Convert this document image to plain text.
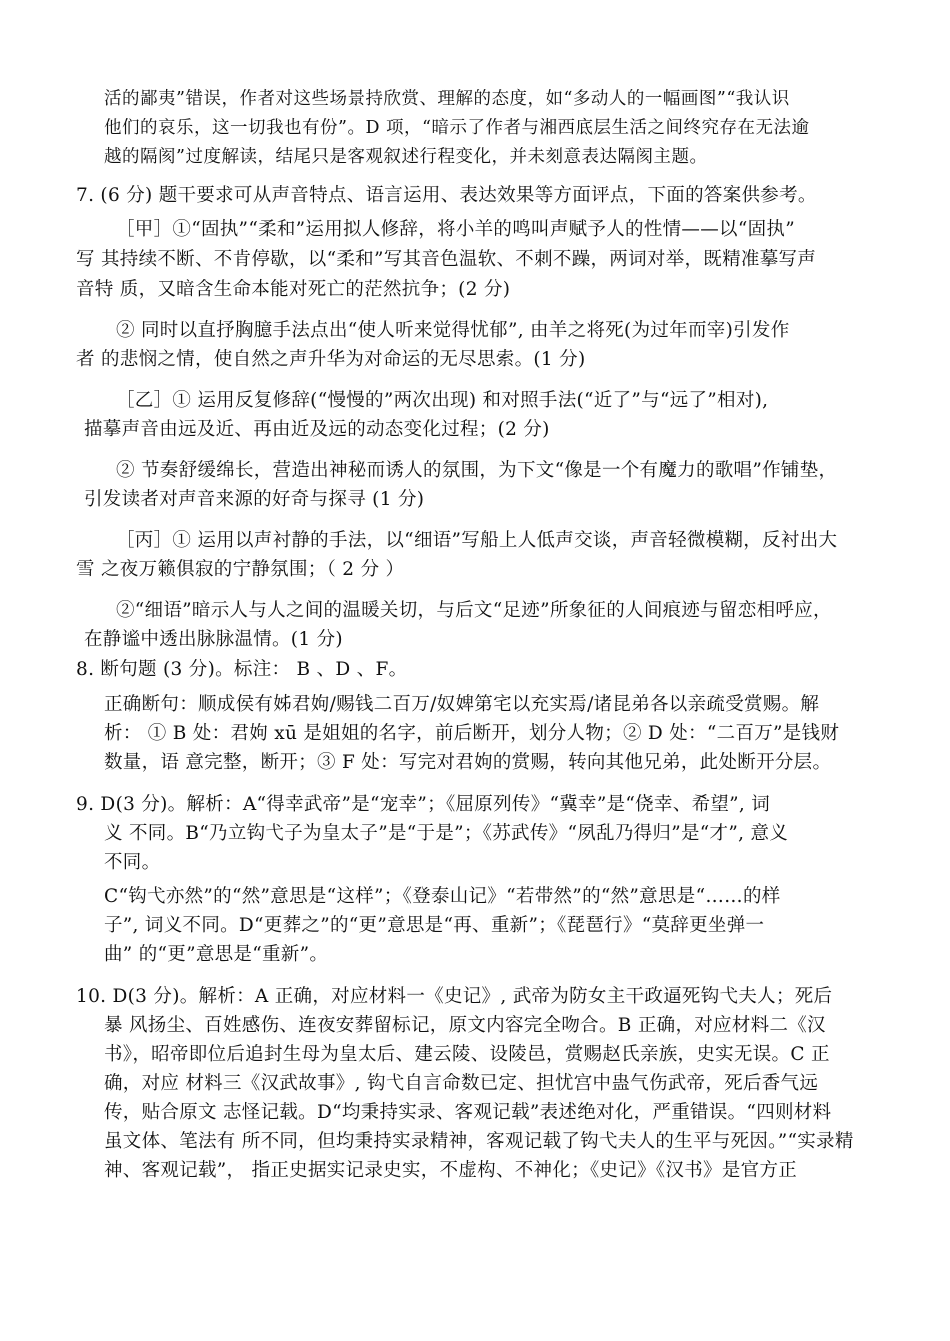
活的鄙夷”错误，作者对这些场景持欣赏、理解的态度，如“多动人的一幅画图”“我认识
他们的哀乐，这一切我也有份”。D 项，“暗示了作者与湘西底层生活之间终究存在无法逾
越的隔阂”过度解读，结尾只是客观叙述行程变化，并未刻意表达隔阂主题。
7. (6 分) 题干要求可从声音特点、语言运用、表达效果等方面评点，下面的答案供参考。
［甲］①“固执”“柔和”运用拟人修辞，将小羊的鸣叫声赋予人的性情——以“固执”
写 其持续不断、不肯停歇，以“柔和”写其音色温软、不刺不躁，两词对举，既精准摹写声
音特 质，又暗含生命本能对死亡的茫然抗争；(2 分)
② 同时以直抒胸臆手法点出“使人听来觉得忧郁”, 由羊之将死(为过年而宰)引发作
者 的悲悯之情，使自然之声升华为对命运的无尽思索。(1 分)
［乙］① 运用反复修辞(“慢慢的”两次出现) 和对照手法(“近了”与“远了”相对),
描摹声音由远及近、再由近及远的动态变化过程；(2 分)
② 节奏舒缓绵长，营造出神秘而诱人的氛围，为下文“像是一个有魔力的歌唱”作铺垫，
引发读者对声音来源的好奇与探寻 (1 分)
［丙］① 运用以声衬静的手法，以“细语”写船上人低声交谈，声音轻微模糊，反衬出大
雪 之夜万籁俱寂的宁静氛围；（ 2 分 ）
②“细语”暗示人与人之间的温暖关切，与后文“足迹”所象征的人间痕迹与留恋相呼应，
在静谧中透出脉脉温情。(1 分)
8. 断句题 (3 分)。标注： B 、D 、F。
正确断句：顺成侯有姊君姁/赐钱二百万/奴婢第宅以充实焉/诸昆弟各以亲疏受赏赐。解
析： ① B 处：君姁 xū 是姐姐的名字，前后断开，划分人物；② D 处：“二百万”是钱财
数量，语 意完整，断开；③ F 处：写完对君姁的赏赐，转向其他兄弟，此处断开分层。
9. D(3 分)。解析：A“得幸武帝”是“宠幸”；《屈原列传》“冀幸”是“侥幸、希望”, 词
义 不同。B“乃立钩弋子为皇太子”是“于是”；《苏武传》“夙乱乃得归”是“才”, 意义
不同。
C“钩弋亦然”的“然”意思是“这样”；《登泰山记》“若带然”的“然”意思是“……的样
子”, 词义不同。D“更葬之”的“更”意思是“再、重新”；《琵琶行》“莫辞更坐弹一
曲” 的“更”意思是“重新”。
10. D(3 分)。解析：A 正确，对应材料一《史记》, 武帝为防女主干政逼死钩弋夫人；死后
暴 风扬尘、百姓感伤、连夜安葬留标记，原文内容完全吻合。B 正确，对应材料二《汉
书》，昭帝即位后追封生母为皇太后、建云陵、设陵邑，赏赐赵氏亲族，史实无误。C 正
确，对应 材料三《汉武故事》, 钩弋自言命数已定、担忧宫中蛊气伤武帝，死后香气远
传，贴合原文 志怪记载。D“均秉持实录、客观记载”表述绝对化，严重错误。“四则材料
虽文体、笔法有 所不同，但均秉持实录精神，客观记载了钩弋夫人的生平与死因。”“实录精
神、客观记载”， 指正史据实记录史实，不虚构、不神化；《史记》《汉书》是官方正
